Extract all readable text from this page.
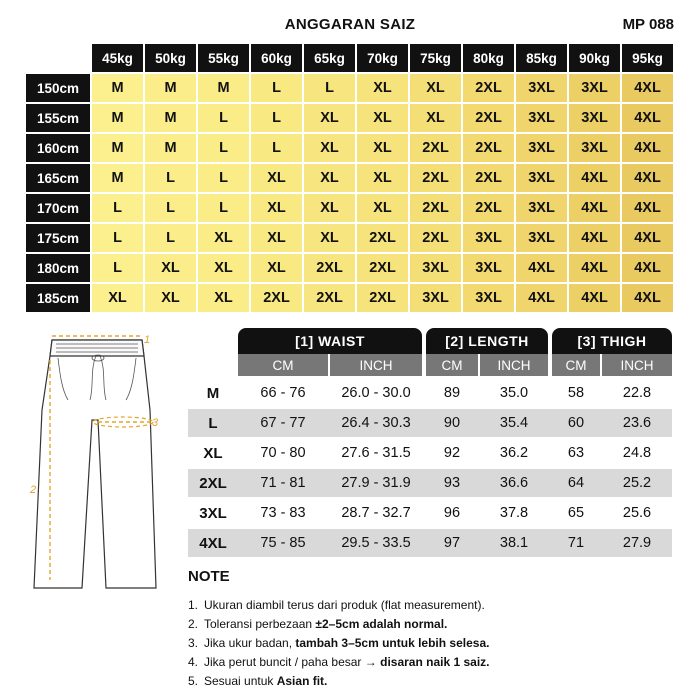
ANGGARAN SAIZ	MP 088
45kg	50kg	55kg	60kg	65kg	70kg	75kg	80kg	85kg	90kg	95kg
150cm	M	M	M	L	L	XL	XL	2XL	3XL	3XL	4XL
155cm	M	M	L	L	XL	XL	XL	2XL	3XL	3XL	4XL
160cm	M	M	L	L	XL	XL	2XL	2XL	3XL	3XL	4XL
165cm	M	L	L	XL	XL	XL	2XL	2XL	3XL	4XL	4XL
170cm	L	L	L	XL	XL	XL	2XL	2XL	3XL	4XL	4XL
175cm	L	L	XL	XL	XL	2XL	2XL	3XL	3XL	4XL	4XL
180cm	L	XL	XL	XL	2XL	2XL	3XL	3XL	4XL	4XL	4XL
185cm	XL	XL	XL	2XL	2XL	2XL	3XL	3XL	4XL	4XL	4XL
1
2
3
[1] WAIST	[2] LENGTH	[3] THIGH
CM	INCH	CM	INCH	CM	INCH
M	66 - 76	26.0 - 30.0	89	35.0	58	22.8
L	67 - 77	26.4 - 30.3	90	35.4	60	23.6
XL	70 - 80	27.6 - 31.5	92	36.2	63	24.8
2XL	71 - 81	27.9 - 31.9	93	36.6	64	25.2
3XL	73 - 83	28.7 - 32.7	96	37.8	65	25.6
4XL	75 - 85	29.5 - 33.5	97	38.1	71	27.9
NOTE
1. Ukuran diambil terus dari produk (flat measurement).
2. Toleransi perbezaan ±2–5cm adalah normal.
3. Jika ukur badan, tambah 3–5cm untuk lebih selesa.
4. Jika perut buncit / paha besar → disaran naik 1 saiz.
5. Sesuai untuk Asian fit.
